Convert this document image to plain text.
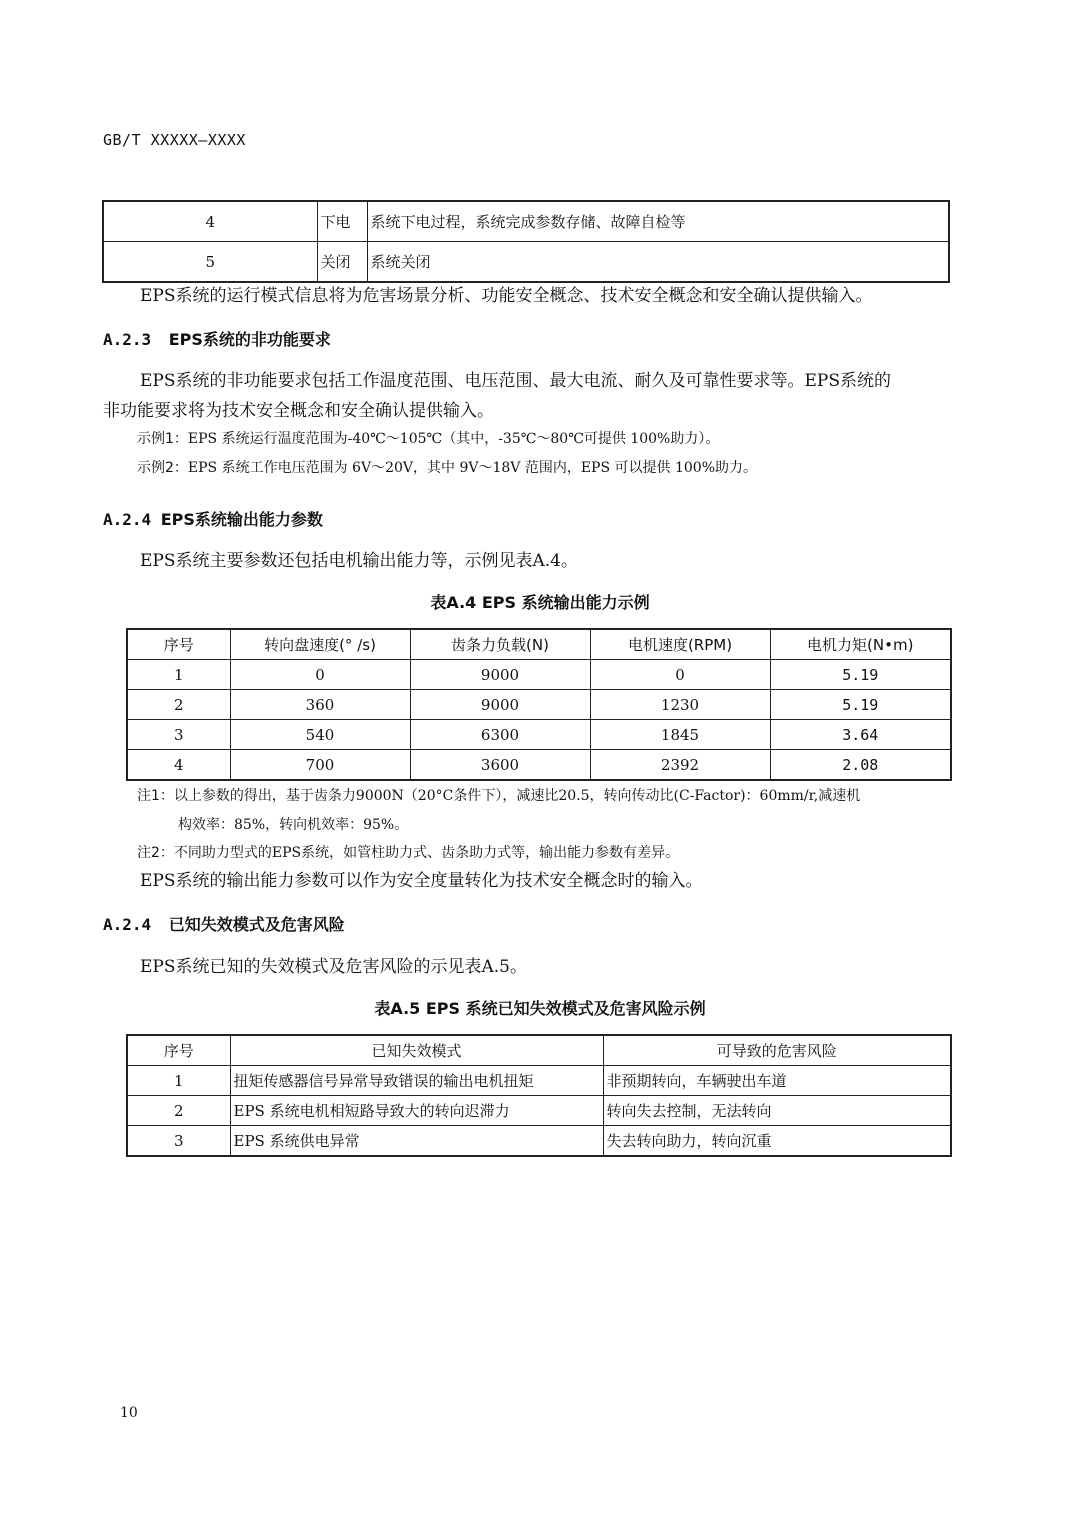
GB/T XXXXX—XXXX
4	下电	系统下电过程，系统完成参数存储、故障自检等
5	关闭	系统关闭
EPS系统的运行模式信息将为危害场景分析、功能安全概念、技术安全概念和安全确认提供输入。
A.2.3 EPS系统的非功能要求
EPS系统的非功能要求包括工作温度范围、电压范围、最大电流、耐久及可靠性要求等。EPS系统的
非功能要求将为技术安全概念和安全确认提供输入。
示例1：EPS 系统运行温度范围为-40℃～105℃（其中，-35℃～80℃可提供 100%助力）。
示例2：EPS 系统工作电压范围为 6V～20V，其中 9V～18V 范围内，EPS 可以提供 100%助力。
A.2.4 EPS系统输出能力参数
EPS系统主要参数还包括电机输出能力等，示例见表A.4。
表A.4 EPS 系统输出能力示例
序号	转向盘速度(° /s)	齿条力负载(N)	电机速度(RPM)	电机力矩(N•m)
1	0	9000	0	5.19
2	360	9000	1230	5.19
3	540	6300	1845	3.64
4	700	3600	2392	2.08
注1：以上参数的得出，基于齿条力9000N（20°C条件下），减速比20.5，转向传动比(C-Factor)：60mm/r,减速机
构效率：85%，转向机效率：95%。
注2：不同助力型式的EPS系统，如管柱助力式、齿条助力式等，输出能力参数有差异。
EPS系统的输出能力参数可以作为安全度量转化为技术安全概念时的输入。
A.2.4 已知失效模式及危害风险
EPS系统已知的失效模式及危害风险的示见表A.5。
表A.5 EPS 系统已知失效模式及危害风险示例
序号	已知失效模式	可导致的危害风险
1	扭矩传感器信号异常导致错误的输出电机扭矩	非预期转向，车辆驶出车道
2	EPS 系统电机相短路导致大的转向迟滞力	转向失去控制，无法转向
3	EPS 系统供电异常	失去转向助力，转向沉重
10
